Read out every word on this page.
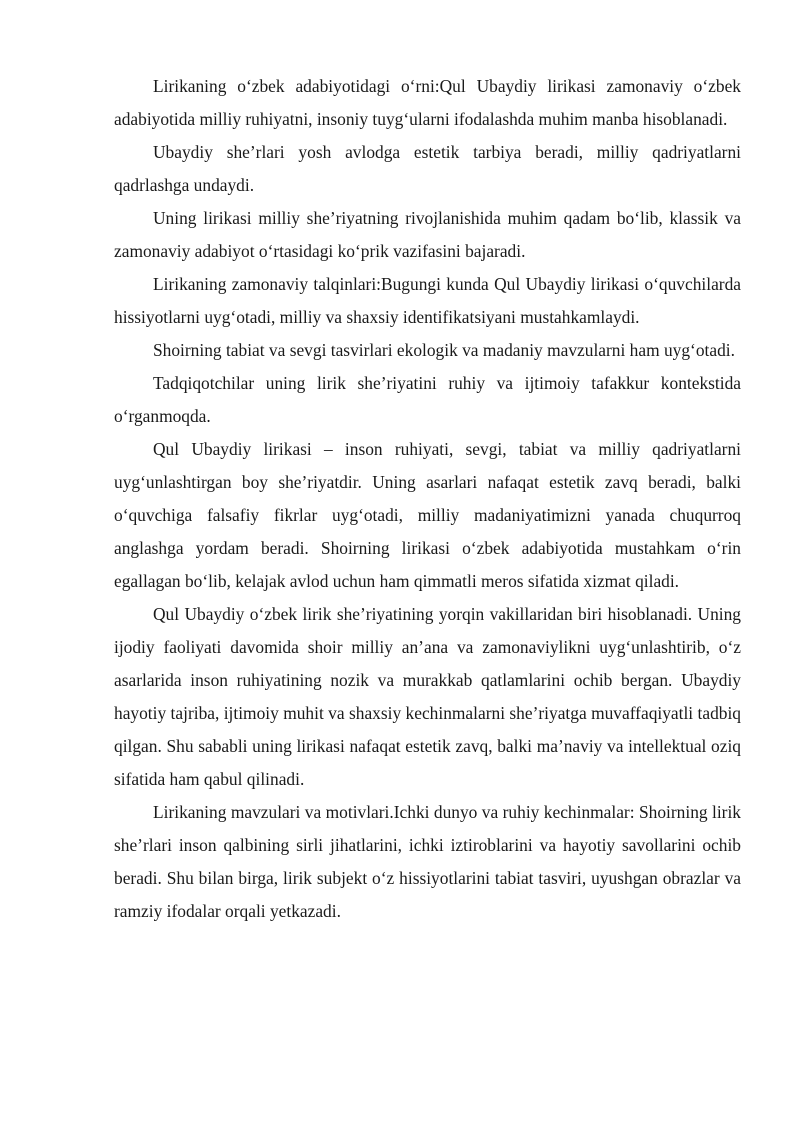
Lirikaning o‘zbek adabiyotidagi o‘rni:Qul Ubaydiy lirikasi zamonaviy o‘zbek adabiyotida milliy ruhiyatni, insoniy tuyg‘ularni ifodalashda muhim manba hisoblanadi.

Ubaydiy she’rlari yosh avlodga estetik tarbiya beradi, milliy qadriyatlarni qadrlashga undaydi.

Uning lirikasi milliy she’riyatning rivojlanishida muhim qadam bo‘lib, klassik va zamonaviy adabiyot o‘rtasidagi ko‘prik vazifasini bajaradi.

Lirikaning zamonaviy talqinlari:Bugungi kunda Qul Ubaydiy lirikasi o‘quvchilarda hissiyotlarni uyg‘otadi, milliy va shaxsiy identifikatsiyani mustahkamlaydi.

Shoirning tabiat va sevgi tasvirlari ekologik va madaniy mavzularni ham uyg‘otadi.

Tadqiqotchilar uning lirik she’riyatini ruhiy va ijtimoiy tafakkur kontekstida o‘rganmoqda.

Qul Ubaydiy lirikasi – inson ruhiyati, sevgi, tabiat va milliy qadriyatlarni uyg‘unlashtirgan boy she’riyatdir. Uning asarlari nafaqat estetik zavq beradi, balki o‘quvchiga falsafiy fikrlar uyg‘otadi, milliy madaniyatimizni yanada chuqurroq anglashga yordam beradi. Shoirning lirikasi o‘zbek adabiyotida mustahkam o‘rin egallagan bo‘lib, kelajak avlod uchun ham qimmatli meros sifatida xizmat qiladi.

Qul Ubaydiy o‘zbek lirik she’riyatining yorqin vakillaridan biri hisoblanadi. Uning ijodiy faoliyati davomida shoir milliy an’ana va zamonaviylikni uyg‘unlashtirib, o‘z asarlarida inson ruhiyatining nozik va murakkab qatlamlarini ochib bergan. Ubaydiy hayotiy tajriba, ijtimoiy muhit va shaxsiy kechinmalarni she’riyatga muvaffaqiyatli tadbiq qilgan. Shu sababli uning lirikasi nafaqat estetik zavq, balki ma’naviy va intellektual oziq sifatida ham qabul qilinadi.

Lirikaning mavzulari va motivlari.Ichki dunyo va ruhiy kechinmalar: Shoirning lirik she’rlari inson qalbining sirli jihatlarini, ichki iztiroblarini va hayotiy savollarini ochib beradi. Shu bilan birga, lirik subjekt o‘z hissiyotlarini tabiat tasviri, uyushgan obrazlar va ramziy ifodalar orqali yetkazadi.
